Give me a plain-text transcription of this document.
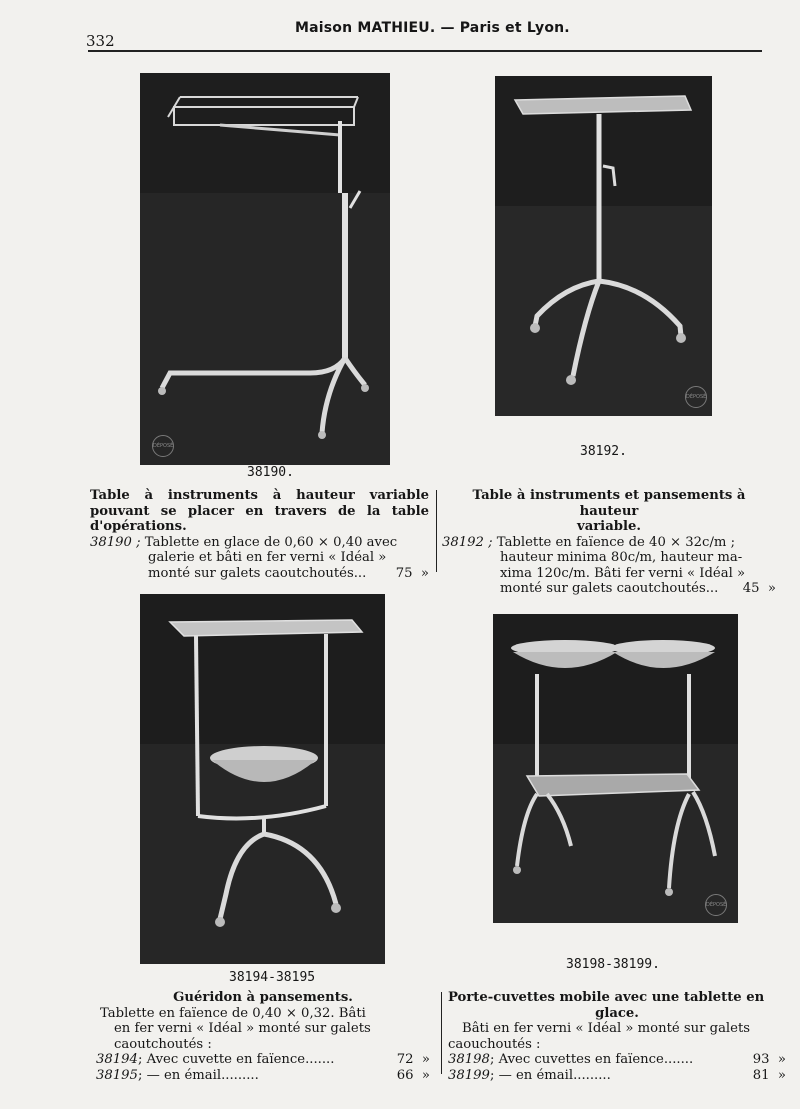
332
Maison MATHIEU. — Paris et Lyon.
DÉPOSÉ
38190.
DÉPOSÉ
38192.
Table à instruments à hauteur variable pouvant se placer en travers de la table d'opérations.
38190 ;
Tablette en glace de 0,60 × 0,40 avec
galerie et bâti en fer verni « Idéal »
monté sur galets caoutchoutés... 75 »
Table à instruments et pansements à hauteur
variable.
38192 ;
Tablette en faïence de 40 × 32c/m ;
hauteur minima 80c/m, hauteur ma-
xima 120c/m. Bâti fer verni « Idéal »
monté sur galets caoutchoutés... 45 »
38194-38195
DÉPOSÉ
38198-38199.
Guéridon à pansements.
Tablette en faïence de 0,40 × 0,32. Bâti
en fer verni « Idéal » monté sur galets
caoutchoutés :
38194; Avec cuvette en faïence.......	72 »
38195; — en émail.........	66 »
Porte-cuvettes mobile avec une tablette en
glace.
Bâti en fer verni « Idéal » monté sur galets
caouchoutés :
38198; Avec cuvettes en faïence.......	93 »
38199; — en émail.........	81 »
